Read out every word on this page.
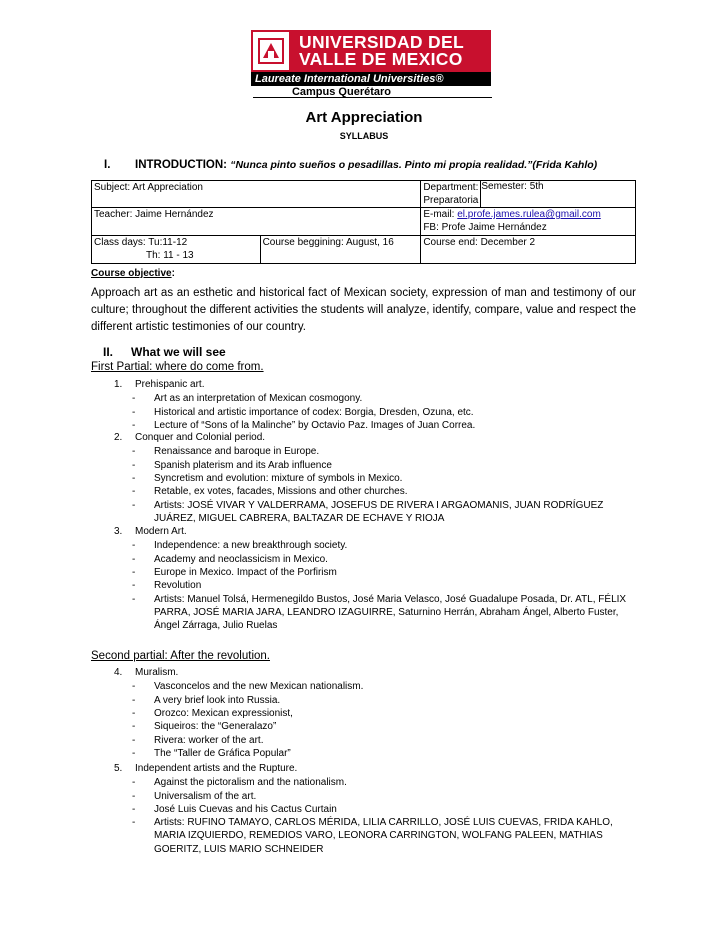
UNIVERSIDAD DEL VALLE DE MEXICO
Laureate International Universities®
Campus Querétaro
Art Appreciation
SYLLABUS
I. INTRODUCTION: “Nunca pinto sueños o pesadillas. Pinto mi propia realidad.”(Frida Kahlo)
Subject: Art Appreciation		Department: Preparatoria	Semester: 5th
Teacher: Jaime Hernández		E-mail: el.profe.james.rulea@gmail.com
FB: Profe Jaime Hernández	
Class days: Tu:11-12
Th: 11 - 13	Course beggining: August, 16	Course end: December 2	
Course objective:
Approach art as an esthetic and historical fact of Mexican society, expression of man and testimony of our culture; throughout the different activities the students will analyze, identify, compare, value and respect the different artistic testimonies of our country.
II. What we will see
First Partial: where do come from.
Second partial: After the revolution.
1. Prehispanic art.
- Art as an interpretation of Mexican cosmogony.
- Historical and artistic importance of codex: Borgia, Dresden, Ozuna, etc.
- Lecture of “Sons of la Malinche” by Octavio Paz. Images of Juan Correa.
2. Conquer and Colonial period.
- Renaissance and baroque in Europe.
- Spanish platerism and its Arab influence
- Syncretism and evolution: mixture of symbols in Mexico.
- Retable, ex votes, facades, Missions and other churches.
- Artists: JOSÉ VIVAR Y VALDERRAMA, JOSEFUS DE RIVERA I ARGAOMANIS, JUAN RODRÍGUEZ JUÁREZ, MIGUEL CABRERA, BALTAZAR DE ECHAVE Y RIOJA
3. Modern Art.
- Independence: a new breakthrough society.
- Academy and neoclassicism in Mexico.
- Europe in Mexico. Impact of the Porfirism
- Revolution
- Artists: Manuel Tolsá, Hermenegildo Bustos, José Maria Velasco, José Guadalupe Posada, Dr. ATL, FÉLIX PARRA, JOSÉ MARIA JARA, LEANDRO IZAGUIRRE, Saturnino Herrán, Abraham Ángel, Alberto Fuster, Ángel Zárraga, Julio Ruelas
4. Muralism.
- Vasconcelos and the new Mexican nationalism.
- A very brief look into Russia.
- Orozco: Mexican expressionist,
- Siqueiros: the “Generalazo”
- Rivera: worker of the art.
- The “Taller de Gráfica Popular”
5. Independent artists and the Rupture.
- Against the pictoralism and the nationalism.
- Universalism of the art.
- José Luis Cuevas and his Cactus Curtain
- Artists: RUFINO TAMAYO, CARLOS MÉRIDA, LILIA CARRILLO, JOSÉ LUIS CUEVAS, FRIDA KAHLO, MARIA IZQUIERDO, REMEDIOS VARO, LEONORA CARRINGTON, WOLFANG PALEEN, MATHIAS GOERITZ, LUIS MARIO SCHNEIDER
